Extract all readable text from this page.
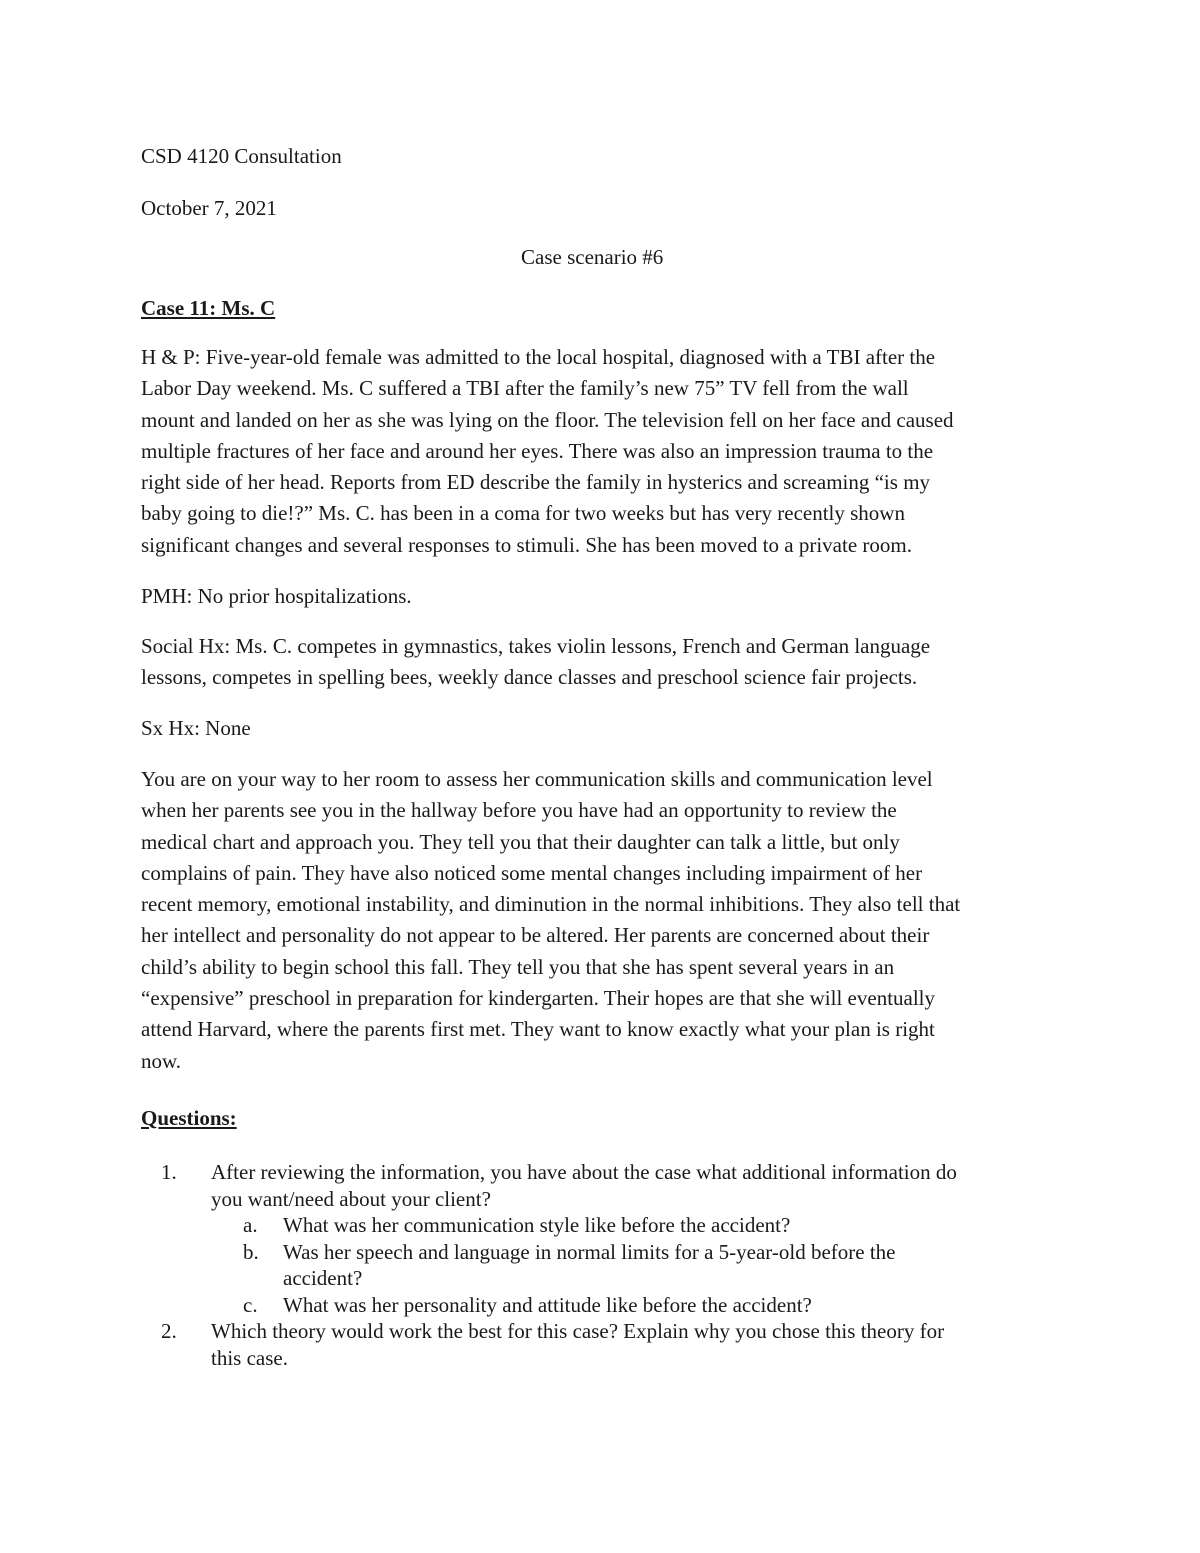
CSD 4120 Consultation
October 7, 2021
Case scenario #6
Case 11: Ms. C
H & P: Five-year-old female was admitted to the local hospital, diagnosed with a TBI after the
Labor Day weekend. Ms. C suffered a TBI after the family’s new 75” TV fell from the wall
mount and landed on her as she was lying on the floor. The television fell on her face and caused
multiple fractures of her face and around her eyes. There was also an impression trauma to the
right side of her head. Reports from ED describe the family in hysterics and screaming “is my
baby going to die!?” Ms. C. has been in a coma for two weeks but has very recently shown
significant changes and several responses to stimuli. She has been moved to a private room.
PMH: No prior hospitalizations.
Social Hx: Ms. C. competes in gymnastics, takes violin lessons, French and German language
lessons, competes in spelling bees, weekly dance classes and preschool science fair projects.
Sx Hx: None
You are on your way to her room to assess her communication skills and communication level
when her parents see you in the hallway before you have had an opportunity to review the
medical chart and approach you. They tell you that their daughter can talk a little, but only
complains of pain. They have also noticed some mental changes including impairment of her
recent memory, emotional instability, and diminution in the normal inhibitions. They also tell that
her intellect and personality do not appear to be altered. Her parents are concerned about their
child’s ability to begin school this fall. They tell you that she has spent several years in an
“expensive” preschool in preparation for kindergarten. Their hopes are that she will eventually
attend Harvard, where the parents first met. They want to know exactly what your plan is right
now.
Questions:
1. After reviewing the information, you have about the case what additional information do
you want/need about your client?
a. What was her communication style like before the accident?
b. Was her speech and language in normal limits for a 5-year-old before the
accident?
c. What was her personality and attitude like before the accident?
2. Which theory would work the best for this case? Explain why you chose this theory for
this case.
